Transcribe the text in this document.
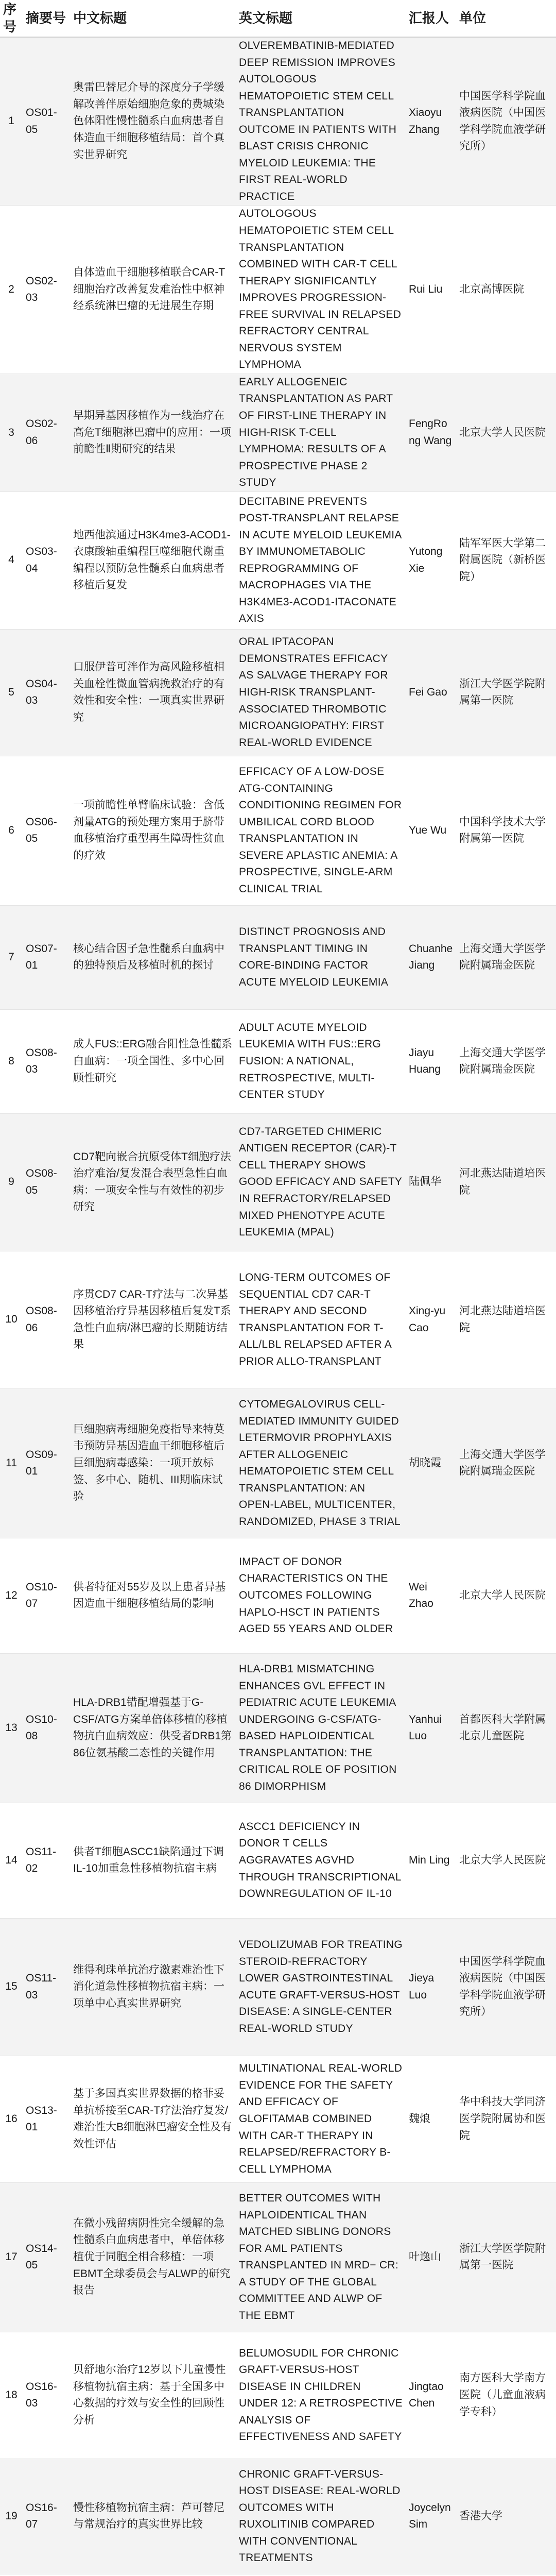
序号	摘要号	中文标题	英文标题	汇报人	单位
1	OS01-05	奥雷巴替尼介导的深度分子学缓解改善伴原始细胞危象的费城染色体阳性慢性髓系白血病患者自体造血干细胞移植结局：首个真实世界研究	OLVEREMBATINIB-MEDIATED DEEP REMISSION IMPROVES AUTOLOGOUS HEMATOPOIETIC STEM CELL TRANSPLANTATION OUTCOME IN PATIENTS WITH BLAST CRISIS CHRONIC MYELOID LEUKEMIA: THE FIRST REAL-WORLD PRACTICE	Xiaoyu Zhang	中国医学科学院血液病医院（中国医学科学院血液学研究所）
2	OS02-03	自体造血干细胞移植联合CAR-T细胞治疗改善复发难治性中枢神经系统淋巴瘤的无进展生存期	AUTOLOGOUS HEMATOPOIETIC STEM CELL TRANSPLANTATION COMBINED WITH CAR-T CELL THERAPY SIGNIFICANTLY IMPROVES PROGRESSION-FREE SURVIVAL IN RELAPSED REFRACTORY CENTRAL NERVOUS SYSTEM LYMPHOMA	Rui Liu	北京高博医院
3	OS02-06	早期异基因移植作为一线治疗在高危T细胞淋巴瘤中的应用：一项前瞻性Ⅱ期研究的结果	EARLY ALLOGENEIC TRANSPLANTATION AS PART OF FIRST-LINE THERAPY IN HIGH-RISK T-CELL LYMPHOMA: RESULTS OF A PROSPECTIVE PHASE 2 STUDY	FengRong Wang	北京大学人民医院
4	OS03-04	地西他滨通过H3K4me3-ACOD1-衣康酸轴重编程巨噬细胞代谢重编程以预防急性髓系白血病患者移植后复发	DECITABINE PREVENTS POST-TRANSPLANT RELAPSE IN ACUTE MYELOID LEUKEMIA BY IMMUNOMETABOLIC REPROGRAMMING OF MACROPHAGES VIA THE H3K4ME3-ACOD1-ITACONATE AXIS	Yutong Xie	陆军军医大学第二附属医院（新桥医院）
5	OS04-03	口服伊普可泮作为高风险移植相关血栓性微血管病挽救治疗的有效性和安全性：一项真实世界研究	ORAL IPTACOPAN DEMONSTRATES EFFICACY AS SALVAGE THERAPY FOR HIGH-RISK TRANSPLANT-ASSOCIATED THROMBOTIC MICROANGIOPATHY: FIRST REAL-WORLD EVIDENCE	Fei Gao	浙江大学医学院附属第一医院
6	OS06-05	一项前瞻性单臂临床试验：含低剂量ATG的预处理方案用于脐带血移植治疗重型再生障碍性贫血的疗效	EFFICACY OF A LOW-DOSE ATG-CONTAINING CONDITIONING REGIMEN FOR UMBILICAL CORD BLOOD TRANSPLANTATION IN SEVERE APLASTIC ANEMIA: A PROSPECTIVE, SINGLE-ARM CLINICAL TRIAL	Yue Wu	中国科学技术大学附属第一医院
7	OS07-01	核心结合因子急性髓系白血病中的独特预后及移植时机的探讨	DISTINCT PROGNOSIS AND TRANSPLANT TIMING IN CORE-BINDING FACTOR ACUTE MYELOID LEUKEMIA	Chuanhe Jiang	上海交通大学医学院附属瑞金医院
8	OS08-03	成人FUS::ERG融合阳性急性髓系白血病：一项全国性、多中心回顾性研究	ADULT ACUTE MYELOID LEUKEMIA WITH FUS::ERG FUSION: A NATIONAL, RETROSPECTIVE, MULTI-CENTER STUDY	Jiayu Huang	上海交通大学医学院附属瑞金医院
9	OS08-05	CD7靶向嵌合抗原受体T细胞疗法治疗难治/复发混合表型急性白血病：一项安全性与有效性的初步研究	CD7-TARGETED CHIMERIC ANTIGEN RECEPTOR (CAR)-T CELL THERAPY SHOWS GOOD EFFICACY AND SAFETY IN REFRACTORY/RELAPSED MIXED PHENOTYPE ACUTE LEUKEMIA (MPAL)	陆佩华	河北燕达陆道培医院
10	OS08-06	序贯CD7 CAR-T疗法与二次异基因移植治疗异基因移植后复发T系急性白血病/淋巴瘤的长期随访结果	LONG-TERM OUTCOMES OF SEQUENTIAL CD7 CAR-T THERAPY AND SECOND TRANSPLANTATION FOR T-ALL/LBL RELAPSED AFTER A PRIOR ALLO-TRANSPLANT	Xing-yu Cao	河北燕达陆道培医院
11	OS09-01	巨细胞病毒细胞免疫指导来特莫韦预防异基因造血干细胞移植后巨细胞病毒感染：一项开放标签、多中心、随机、III期临床试验	CYTOMEGALOVIRUS CELL-MEDIATED IMMUNITY GUIDED LETERMOVIR PROPHYLAXIS AFTER ALLOGENEIC HEMATOPOIETIC STEM CELL TRANSPLANTATION: AN OPEN-LABEL, MULTICENTER, RANDOMIZED, PHASE 3 TRIAL	胡晓霞	上海交通大学医学院附属瑞金医院
12	OS10-07	供者特征对55岁及以上患者异基因造血干细胞移植结局的影响	IMPACT OF DONOR CHARACTERISTICS ON THE OUTCOMES FOLLOWING HAPLO-HSCT IN PATIENTS AGED 55 YEARS AND OLDER	Wei Zhao	北京大学人民医院
13	OS10-08	HLA-DRB1错配增强基于G-CSF/ATG方案单倍体移植的移植物抗白血病效应：供受者DRB1第86位氨基酸二态性的关键作用	HLA-DRB1 MISMATCHING ENHANCES GVL EFFECT IN PEDIATRIC ACUTE LEUKEMIA UNDERGOING G-CSF/ATG-BASED HAPLOIDENTICAL TRANSPLANTATION: THE CRITICAL ROLE OF POSITION 86 DIMORPHISM	Yanhui Luo	首都医科大学附属北京儿童医院
14	OS11-02	供者T细胞ASCC1缺陷通过下调IL-10加重急性移植物抗宿主病	ASCC1 DEFICIENCY IN DONOR T CELLS AGGRAVATES AGVHD THROUGH TRANSCRIPTIONAL DOWNREGULATION OF IL-10	Min Ling	北京大学人民医院
15	OS11-03	维得利珠单抗治疗激素难治性下消化道急性移植物抗宿主病：一项单中心真实世界研究	VEDOLIZUMAB FOR TREATING STEROID-REFRACTORY LOWER GASTROINTESTINAL ACUTE GRAFT-VERSUS-HOST DISEASE: A SINGLE-CENTER REAL-WORLD STUDY	Jieya Luo	中国医学科学院血液病医院（中国医学科学院血液学研究所）
16	OS13-01	基于多国真实世界数据的格菲妥单抗桥接至CAR-T疗法治疗复发/难治性大B细胞淋巴瘤安全性及有效性评估	MULTINATIONAL REAL-WORLD EVIDENCE FOR THE SAFETY AND EFFICACY OF GLOFITAMAB COMBINED WITH CAR-T THERAPY IN RELAPSED/REFRACTORY B-CELL LYMPHOMA	魏烺	华中科技大学同济医学院附属协和医院
17	OS14-05	在微小残留病阴性完全缓解的急性髓系白血病患者中，单倍体移植优于同胞全相合移植：一项EBMT全球委员会与ALWP的研究报告	BETTER OUTCOMES WITH HAPLOIDENTICAL THAN MATCHED SIBLING DONORS FOR AML PATIENTS TRANSPLANTED IN MRD− CR: A STUDY OF THE GLOBAL COMMITTEE AND ALWP OF THE EBMT	叶逸山	浙江大学医学院附属第一医院
18	OS16-03	贝舒地尔治疗12岁以下儿童慢性移植物抗宿主病：基于全国多中心数据的疗效与安全性的回顾性分析	BELUMOSUDIL FOR CHRONIC GRAFT-VERSUS-HOST DISEASE IN CHILDREN UNDER 12: A RETROSPECTIVE ANALYSIS OF EFFECTIVENESS AND SAFETY	Jingtao Chen	南方医科大学南方医院（儿童血液病学专科）
19	OS16-07	慢性移植物抗宿主病：芦可替尼与常规治疗的真实世界比较	CHRONIC GRAFT-VERSUS-HOST DISEASE: REAL-WORLD OUTCOMES WITH RUXOLITINIB COMPARED WITH CONVENTIONAL TREATMENTS	Joycelyn Sim	香港大学
